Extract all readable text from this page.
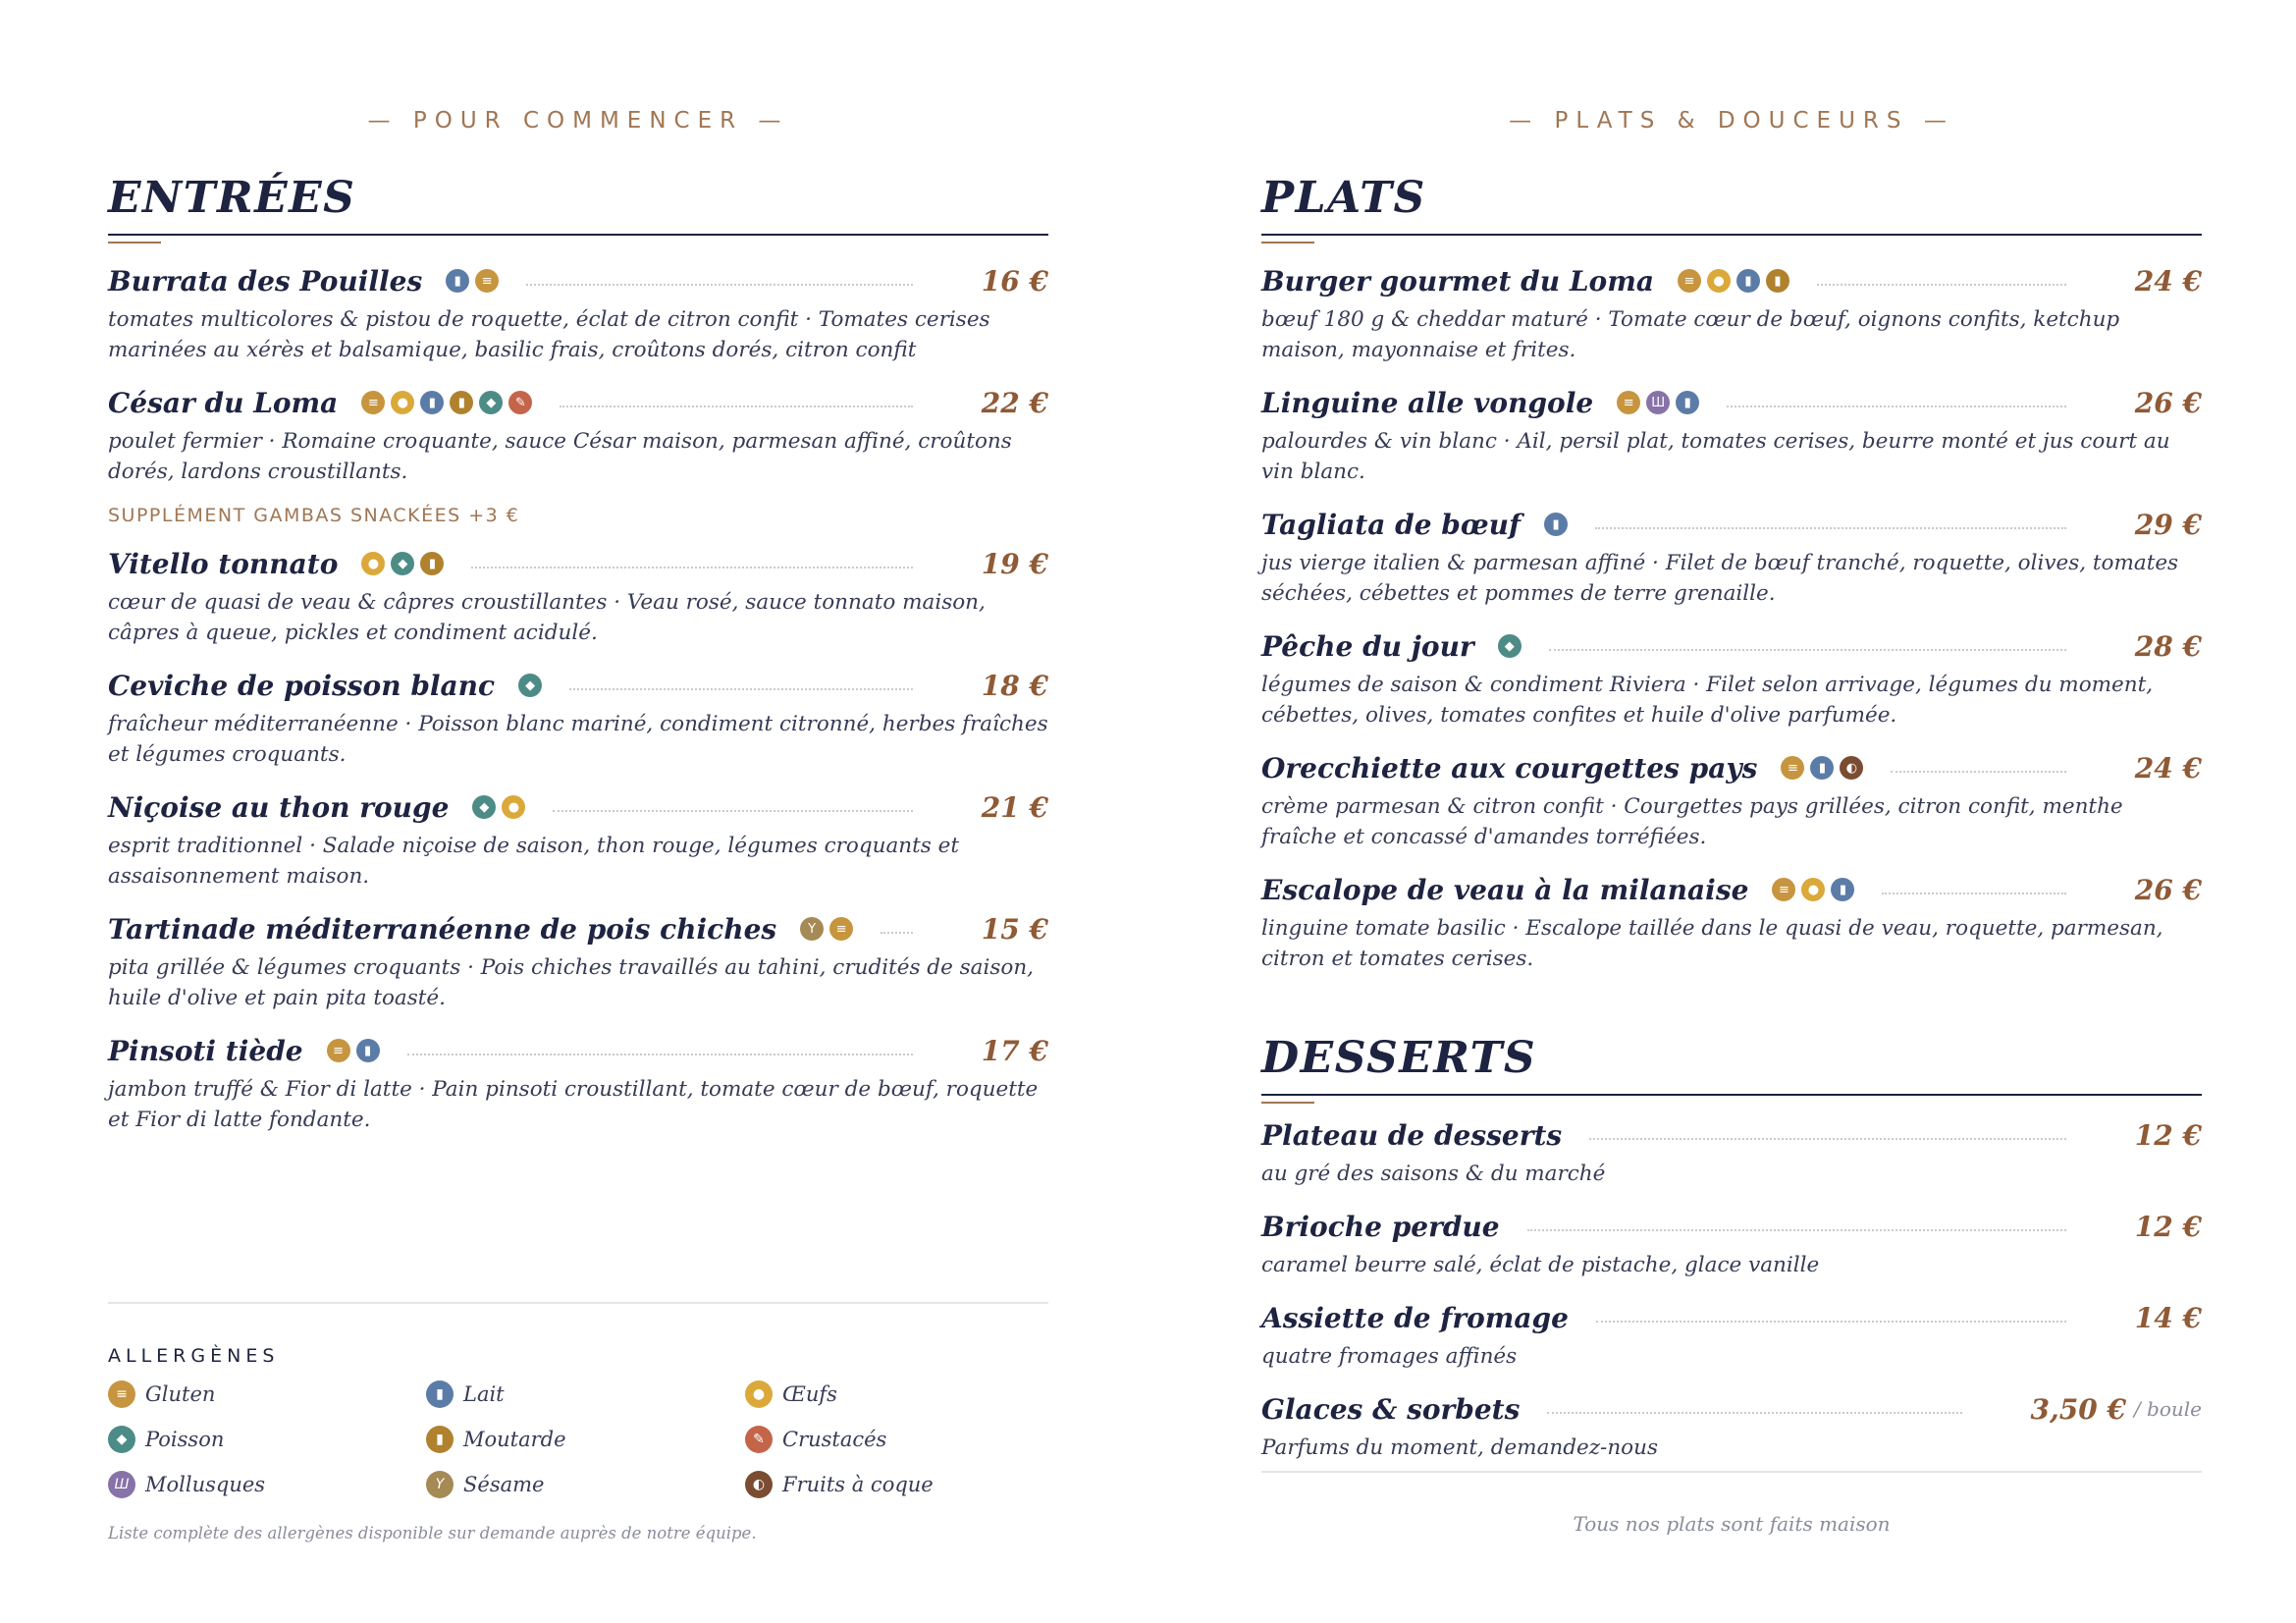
— POUR COMMENCER —
ENTRÉES
Burrata des Pouilles	▮	≡	16 €
tomates multicolores & pistou de roquette, éclat de citron confit · Tomates cerises marinées au xérès et balsamique, basilic frais, croûtons dorés, citron confit
César du Loma	≡	●	▮	▮	◆	✎	22 €
poulet fermier · Romaine croquante, sauce César maison, parmesan affiné, croûtons dorés, lardons croustillants.
SUPPLÉMENT GAMBAS SNACKÉES +3 €
Vitello tonnato	●	◆	▮	19 €
cœur de quasi de veau & câpres croustillantes · Veau rosé, sauce tonnato maison, câpres à queue, pickles et condiment acidulé.
Ceviche de poisson blanc	◆	18 €
fraîcheur méditerranéenne · Poisson blanc mariné, condiment citronné, herbes fraîches et légumes croquants.
Niçoise au thon rouge	◆	●	21 €
esprit traditionnel · Salade niçoise de saison, thon rouge, légumes croquants et assaisonnement maison.
Tartinade méditerranéenne de pois chiches	Y	≡	15 €
pita grillée & légumes croquants · Pois chiches travaillés au tahini, crudités de saison, huile d'olive et pain pita toasté.
Pinsoti tiède	≡	▮	17 €
jambon truffé & Fior di latte · Pain pinsoti croustillant, tomate cœur de bœuf, roquette et Fior di latte fondante.
ALLERGÈNES
≡ Gluten	▮ Lait	● Œufs
◆ Poisson	▮ Moutarde	✎ Crustacés
Ш Mollusques	Y Sésame	◐ Fruits à coque
Liste complète des allergènes disponible sur demande auprès de notre équipe.
— PLATS & DOUCEURS —
PLATS
Burger gourmet du Loma	≡	●	▮	▮	24 €
bœuf 180 g & cheddar maturé · Tomate cœur de bœuf, oignons confits, ketchup maison, mayonnaise et frites.
Linguine alle vongole	≡	Ш	▮	26 €
palourdes & vin blanc · Ail, persil plat, tomates cerises, beurre monté et jus court au vin blanc.
Tagliata de bœuf	▮	29 €
jus vierge italien & parmesan affiné · Filet de bœuf tranché, roquette, olives, tomates séchées, cébettes et pommes de terre grenaille.
Pêche du jour	◆	28 €
légumes de saison & condiment Riviera · Filet selon arrivage, légumes du moment, cébettes, olives, tomates confites et huile d'olive parfumée.
Orecchiette aux courgettes pays	≡	▮	◐	24 €
crème parmesan & citron confit · Courgettes pays grillées, citron confit, menthe fraîche et concassé d'amandes torréfiées.
Escalope de veau à la milanaise	≡	●	▮	26 €
linguine tomate basilic · Escalope taillée dans le quasi de veau, roquette, parmesan, citron et tomates cerises.
DESSERTS
Plateau de desserts	12 €
au gré des saisons & du marché
Brioche perdue	12 €
caramel beurre salé, éclat de pistache, glace vanille
Assiette de fromage	14 €
quatre fromages affinés
Glaces & sorbets	3,50 € / boule
Parfums du moment, demandez-nous
Tous nos plats sont faits maison
